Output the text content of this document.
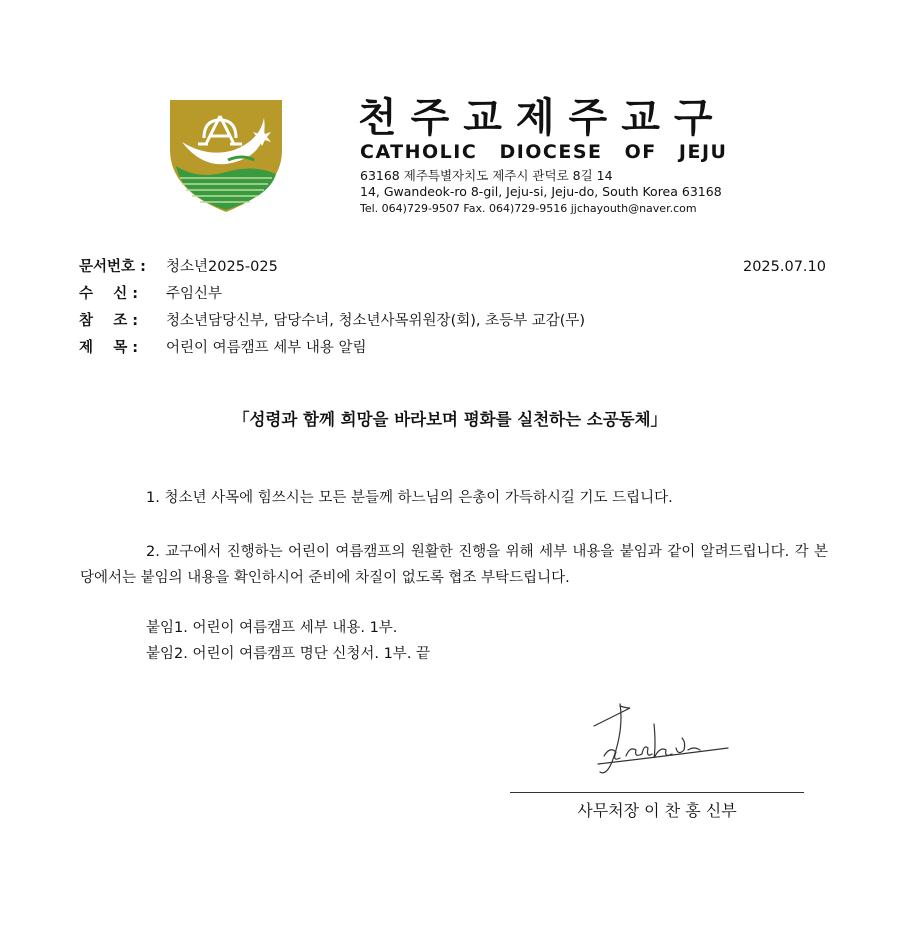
천주교제주교구
CATHOLIC DIOCESE OF JEJU
63168 제주특별자치도 제주시 관덕로 8길 14
14, Gwandeok-ro 8-gil, Jeju-si, Jeju-do, South Korea 63168
Tel. 064)729-9507 Fax. 064)729-9516 jjchayouth@naver.com
문서번호 : 청소년2025-025	2025.07.10
수    신 : 주임신부
참    조 : 청소년담당신부, 담당수녀, 청소년사목위원장(회), 초등부 교감(무)
제    목 : 어린이 여름캠프 세부 내용 알림
「성령과 함께 희망을 바라보며 평화를 실천하는 소공동체」
1. 청소년 사목에 힘쓰시는 모든 분들께 하느님의 은총이 가득하시길 기도 드립니다.
2. 교구에서 진행하는 어린이 여름캠프의 원활한 진행을 위해 세부 내용을 붙임과 같이 알려드립니다. 각 본당에서는 붙임의 내용을 확인하시어 준비에 차질이 없도록 협조 부탁드립니다.
붙임1. 어린이 여름캠프 세부 내용. 1부.
붙임2. 어린이 여름캠프 명단 신청서. 1부. 끝
사무처장 이 찬 홍 신부
